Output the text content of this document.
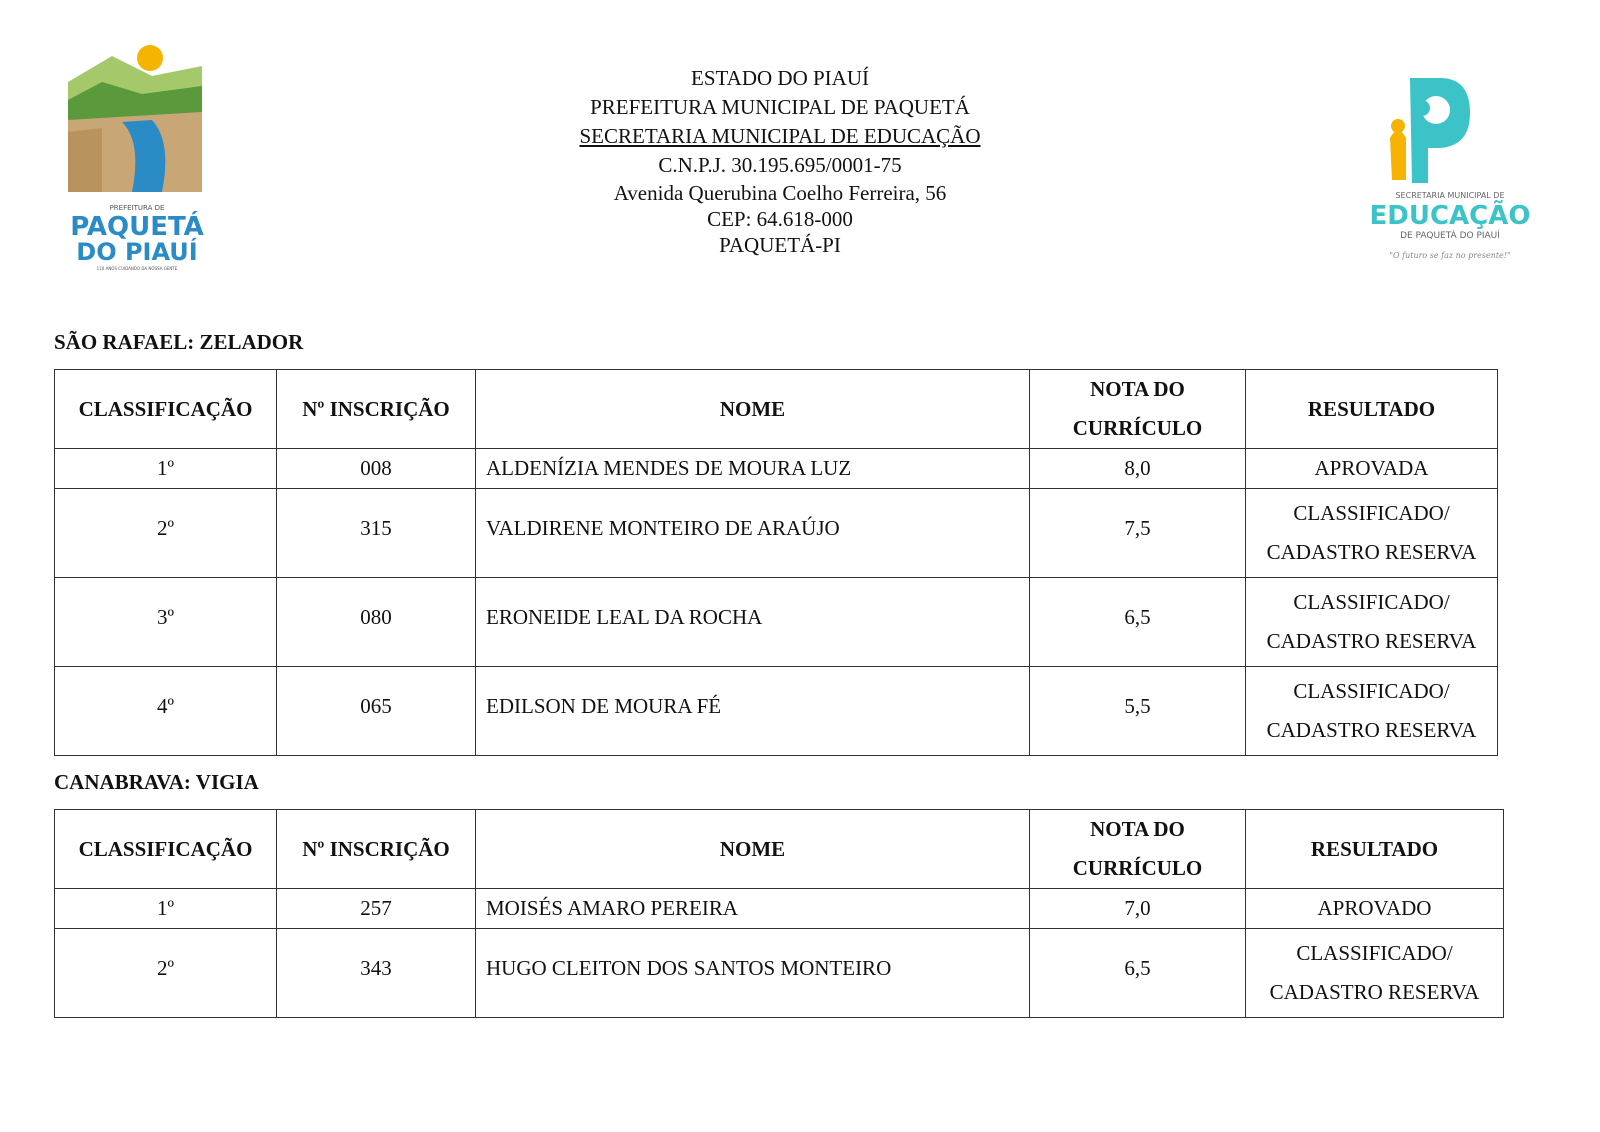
PREFEITURA DE
PAQUETÁ
DO PIAUÍ
110 ANOS CUIDANDO DA NOSSA GENTE
ESTADO DO PIAUÍ
PREFEITURA MUNICIPAL DE PAQUETÁ
SECRETARIA MUNICIPAL DE EDUCAÇÃO
C.N.P.J. 30.195.695/0001-75
Avenida Querubina Coelho Ferreira, 56
CEP: 64.618-000
PAQUETÁ-PI
SECRETARIA MUNICIPAL DE
EDUCAÇÃO
DE PAQUETÁ DO PIAUÍ
"O futuro se faz no presente!"
SÃO RAFAEL: ZELADOR
CLASSIFICAÇÃO	Nº INSCRIÇÃO	NOME	NOTA DO
CURRÍCULO	RESULTADO
1º	008	ALDENÍZIA MENDES DE MOURA LUZ	8,0	APROVADA
2º	315	VALDIRENE MONTEIRO DE ARAÚJO	7,5	CLASSIFICADO/
CADASTRO RESERVA

3º	080	ERONEIDE LEAL DA ROCHA	6,5	CLASSIFICADO/
CADASTRO RESERVA

4º	065	EDILSON DE MOURA FÉ	5,5	CLASSIFICADO/
CADASTRO RESERVA
CANABRAVA: VIGIA
CLASSIFICAÇÃO	Nº INSCRIÇÃO	NOME	NOTA DO
CURRÍCULO	RESULTADO
1º	257	MOISÉS AMARO PEREIRA	7,0	APROVADO
2º	343	HUGO CLEITON DOS SANTOS MONTEIRO	6,5	CLASSIFICADO/
CADASTRO RESERVA
